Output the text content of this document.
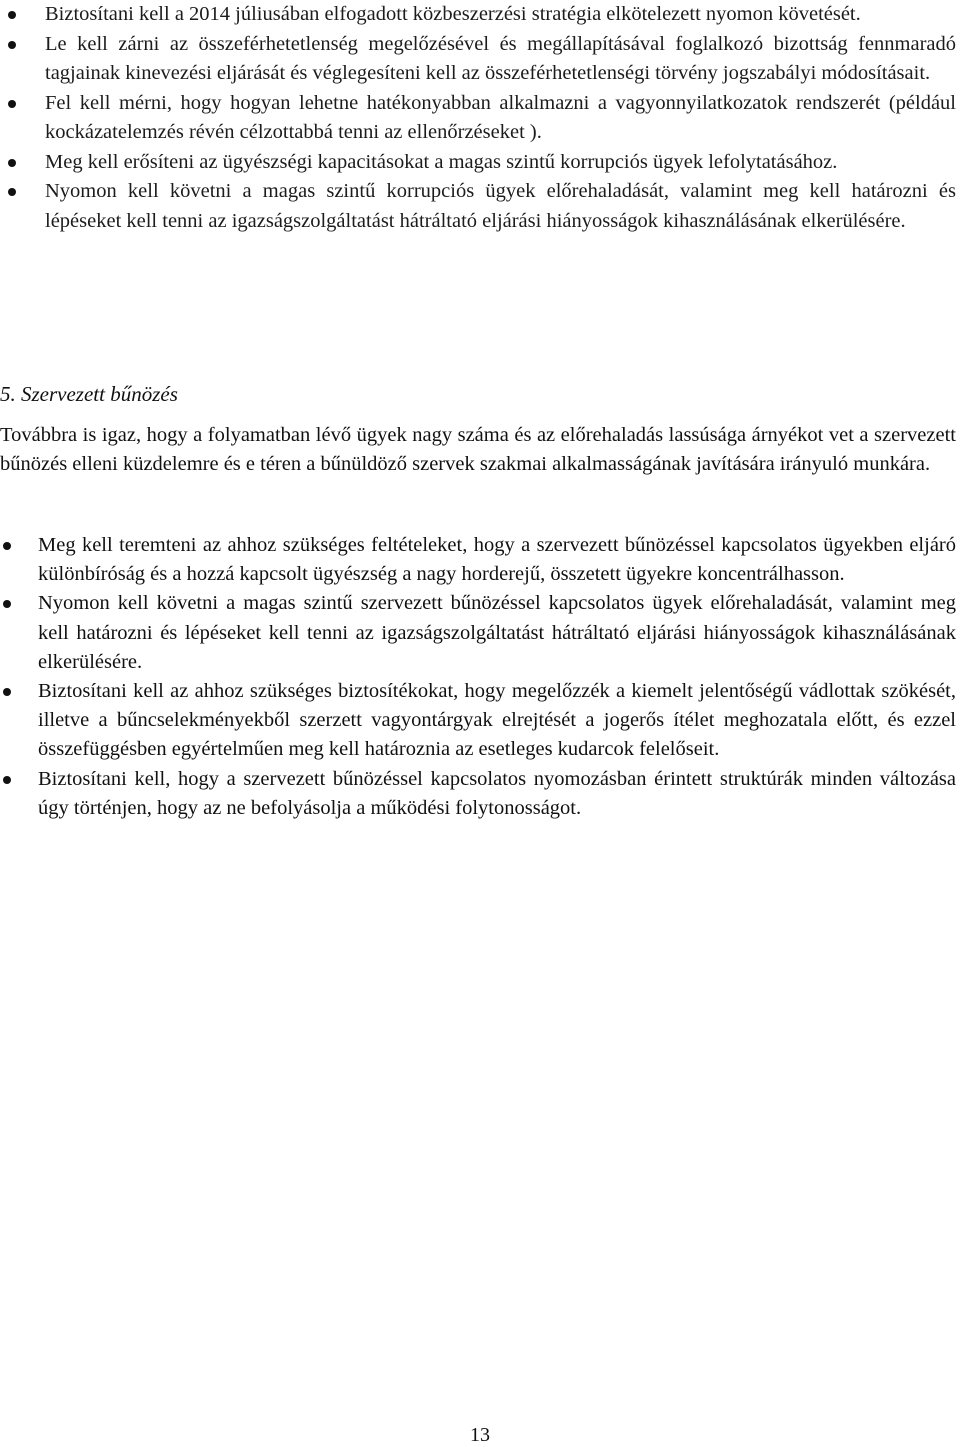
Biztosítani kell a 2014 júliusában elfogadott közbeszerzési stratégia elkötelezett nyomon követését.
Le kell zárni az összeférhetetlenség megelőzésével és megállapításával foglalkozó bizottság fennmaradó tagjainak kinevezési eljárását és véglegesíteni kell az összeférhetetlenségi törvény jogszabályi módosításait.
Fel kell mérni, hogy hogyan lehetne hatékonyabban alkalmazni a vagyonnyilatkozatok rendszerét (például kockázatelemzés révén célzottabbá tenni az ellenőrzéseket ).
Meg kell erősíteni az ügyészségi kapacitásokat a magas szintű korrupciós ügyek lefolytatásához.
Nyomon kell követni a magas szintű korrupciós ügyek előrehaladását, valamint meg kell határozni és lépéseket kell tenni az igazságszolgáltatást hátráltató eljárási hiányosságok kihasználásának elkerülésére.
5. Szervezett bűnözés

Továbbra is igaz, hogy a folyamatban lévő ügyek nagy száma és az előrehaladás lassúsága árnyékot vet a szervezett bűnözés elleni küzdelemre és e téren a bűnüldöző szervek szakmai alkalmasságának javítására irányuló munkára.

Meg kell teremteni az ahhoz szükséges feltételeket, hogy a szervezett bűnözéssel kapcsolatos ügyekben eljáró különbíróság és a hozzá kapcsolt ügyészség a nagy horderejű, összetett ügyekre koncentrálhasson.
Nyomon kell követni a magas szintű szervezett bűnözéssel kapcsolatos ügyek előrehaladását, valamint meg kell határozni és lépéseket kell tenni az igazságszolgáltatást hátráltató eljárási hiányosságok kihasználásának elkerülésére.
Biztosítani kell az ahhoz szükséges biztosítékokat, hogy megelőzzék a kiemelt jelentőségű vádlottak szökését, illetve a bűncselekményekből szerzett vagyontárgyak elrejtését a jogerős ítélet meghozatala előtt, és ezzel összefüggésben egyértelműen meg kell határoznia az esetleges kudarcok felelőseit.
Biztosítani kell, hogy a szervezett bűnözéssel kapcsolatos nyomozásban érintett struktúrák minden változása úgy történjen, hogy az ne befolyásolja a működési folytonosságot.

13
